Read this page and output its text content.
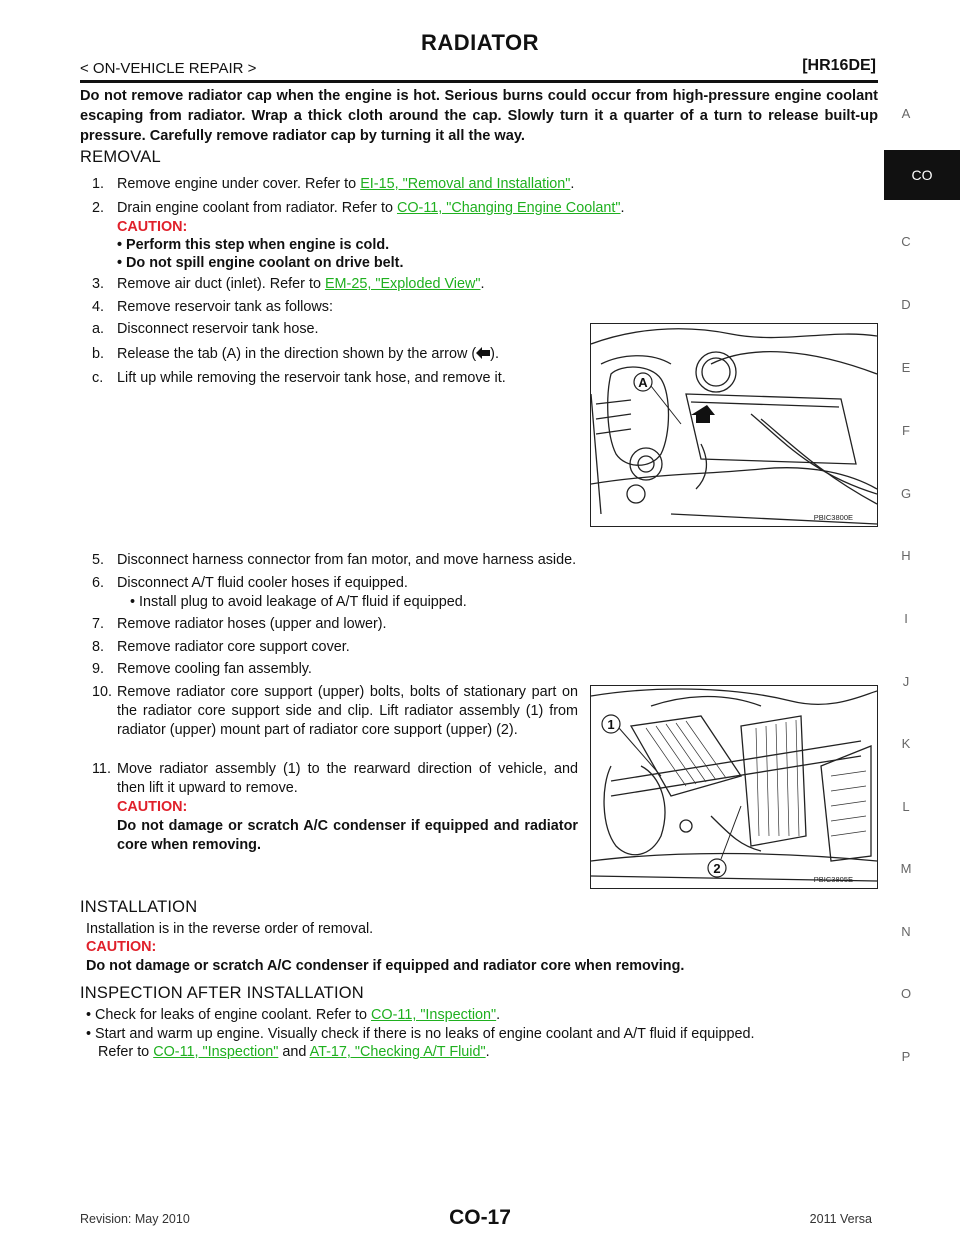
RADIATOR
< ON-VEHICLE REPAIR >	[HR16DE]
Do not remove radiator cap when the engine is hot. Serious burns could occur from high-pressure engine coolant escaping from radiator. Wrap a thick cloth around the cap. Slowly turn it a quarter of a turn to release built-up pressure. Carefully remove radiator cap by turning it all the way.
REMOVAL
1. Remove engine under cover. Refer to EI-15, "Removal and Installation".
2. Drain engine coolant from radiator. Refer to CO-11, "Changing Engine Coolant".
CAUTION:
• Perform this step when engine is cold.
• Do not spill engine coolant on drive belt.
3. Remove air duct (inlet). Refer to EM-25, "Exploded View".
4. Remove reservoir tank as follows:
a. Disconnect reservoir tank hose.
b. Release the tab (A) in the direction shown by the arrow ( ).
c. Lift up while removing the reservoir tank hose, and remove it.	A
PBIC3800E
5. Disconnect harness connector from fan motor, and move harness aside.
6. Disconnect A/T fluid cooler hoses if equipped.
• Install plug to avoid leakage of A/T fluid if equipped.
7. Remove radiator hoses (upper and lower).
8. Remove radiator core support cover.
9. Remove cooling fan assembly.
10. Remove radiator core support (upper) bolts, bolts of stationary part on the radiator core support side and clip. Lift radiator assembly (1) from radiator (upper) mount part of radiator core support (upper) (2).
11. Move radiator assembly (1) to the rearward direction of vehicle, and then lift it upward to remove.
CAUTION:
Do not damage or scratch A/C condenser if equipped and radiator core when removing.
1
2
PBIC3805E
INSTALLATION
Installation is in the reverse order of removal.
CAUTION:
Do not damage or scratch A/C condenser if equipped and radiator core when removing.
INSPECTION AFTER INSTALLATION
• Check for leaks of engine coolant. Refer to CO-11, "Inspection".
• Start and warm up engine. Visually check if there is no leaks of engine coolant and A/T fluid if equipped.
Refer to CO-11, "Inspection" and AT-17, "Checking A/T Fluid".
A
CO
C
D
E
F
G
H
I
J
K
L
M
N
O
P
Revision: May 2010	CO-17	2011 Versa
